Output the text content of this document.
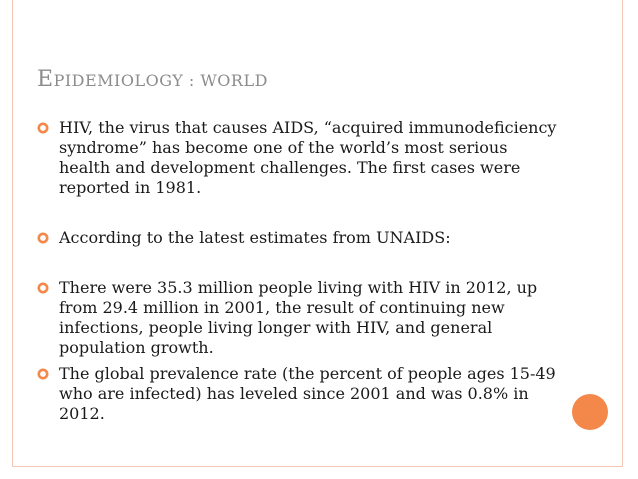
EPIDEMIOLOGY : WORLD
HIV, the virus that causes AIDS, “acquired immunodeficiency syndrome” has become one of the world’s most serious health and development challenges. The first cases were reported in 1981.
According to the latest estimates from UNAIDS:
There were 35.3 million people living with HIV in 2012, up from 29.4 million in 2001, the result of continuing new infections, people living longer with HIV, and general population growth.
The global prevalence rate (the percent of people ages 15-49 who are infected) has leveled since 2001 and was 0.8% in 2012.
